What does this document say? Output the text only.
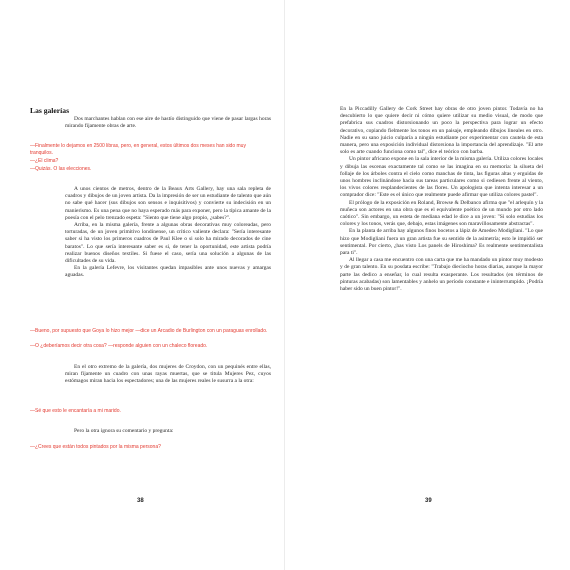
Las galerías

Dos marchantes hablan con ese aire de hastío distinguido que viene de pasar largas horas mirando fijamente obras de arte.

—Finalmente lo dejamos en 2500 libras, pero, en general, estos últimos dos meses han sido muy tranquilos.

—¿El clima?

—Quizás. O las elecciones.

A unos cientos de metros, dentro de la Beaux Arts Gallery, hay una sala repleta de cuadros y dibujos de un joven artista. Da la impresión de ser un estudiante de talento que aún no sabe qué hacer (sus dibujos son sensos e inquisitivos) y convierte su indecisión en un manierismo. Es una pena que no haya esperado más para exponer, pero la típica amante de la poesía con el pelo trenzado espeta: "Siento que tiene algo propio, ¿sabes?".

Arriba, en la misma galería, frente a algunas obras decorativas muy coloreadas, pero torturadas, de un joven primitivo londinense, un crítico valiente declara: "Sería interesante saber si ha visto los primeros cuadros de Paul Klee o si solo ha mirado decorados de cine baratos". Lo que sería interesante saber es si, de tener la oportunidad, este artista podría realizar buenos diseños textiles. Si fuese el caso, sería una solución a algunas de las dificultades de su vida.

En la galería Lefevre, los visitantes quedan impasibles ante unos nuevas y amargas aguadas.

—Bueno, por supuesto que Goya lo hizo mejor —dice un Arcadio de Burlington con un paraguas enrollado.

—O ¿deberíamos decir otra cosa? —responde alguien con un chaleco floreado.

En el otro extremo de la galería, dos mujeres de Croydon, con un pequinés entre ellas, miran fijamente un cuadro con unas rayas muertas, que se titula Mujeres Pez, cuyos estómagos miran hacia los espectadores; una de las mujeres reales le susurra a la otra:

—Sé que esto le encantaría a mi marido.

Pero la otra ignora su comentario y pregunta:

—¿Crees que están todos pintados por la misma persona?

38

En la Piccadilly Gallery de Cork Street hay obras de otro joven pintor. Todavía no ha descubierto lo que quiere decir ni cómo quiere utilizar su medio visual, de modo que prefabrica sus cuadros distorsionando un poco la perspectiva para lograr un efecto decorativo, copiando fielmente los tonos en un paisaje, empleando dibujos lineales en otro. Nadie en su sano juicio culparía a ningún estudiante por experimentar con cautela de esta manera, pero una exposición individual distorsiona la importancia del aprendizaje. "El arte solo es arte cuando funciona como tal", dice el teórico con barba.

Un pintor africano expone en la sala interior de la misma galería. Utiliza colores locales y dibuja las escenas exactamente tal como se las imagina en su memoria: la silueta del follaje de los árboles contra el cielo como manchas de tinta, las figuras altas y erguidas de unos hombres inclinándose hacia sus tareas particulares como si cediesen frente al viento, los vivos colores resplandecientes de las flores. Un apologista que intenta interesar a un comprador dice: "Este es el único que realmente puede afirmar que utiliza colores pastel".

El prólogo de la exposición en Roland, Browse & Delbanco afirma que "el arlequín y la muñeca son actores en una obra que es el equivalente poético de un mundo por otro lado caótico". Sin embargo, un esteta de mediana edad le dice a un joven: "Si solo estudias los colores y los tonos, verás que, debajo, estas imágenes son maravillosamente abstractas".

En la planta de arriba hay algunos finos bocetos a lápiz de Amedeo Modigliani. "Lo que hizo que Modigliani fuera un gran artista fue su sentido de la asimetría; esto le impidió ser sentimental. Por cierto, ¿has visto Los panels de Hiroshima? Es realmente sentimentalista para ti".

Al llegar a casa me encuentro con una carta que me ha mandado un pintor muy modesto y de gran talento. En su posdata escribe: "Trabajo dieciocho horas diarias, aunque la mayor parte las dedico a enseñar, lo cual resulta exasperante. Los resultados (en términos de pinturas acabadas) son lamentables y anhelo un período constante e ininterrumpido. ¡Podría haber sido un buen pintor!".

39
